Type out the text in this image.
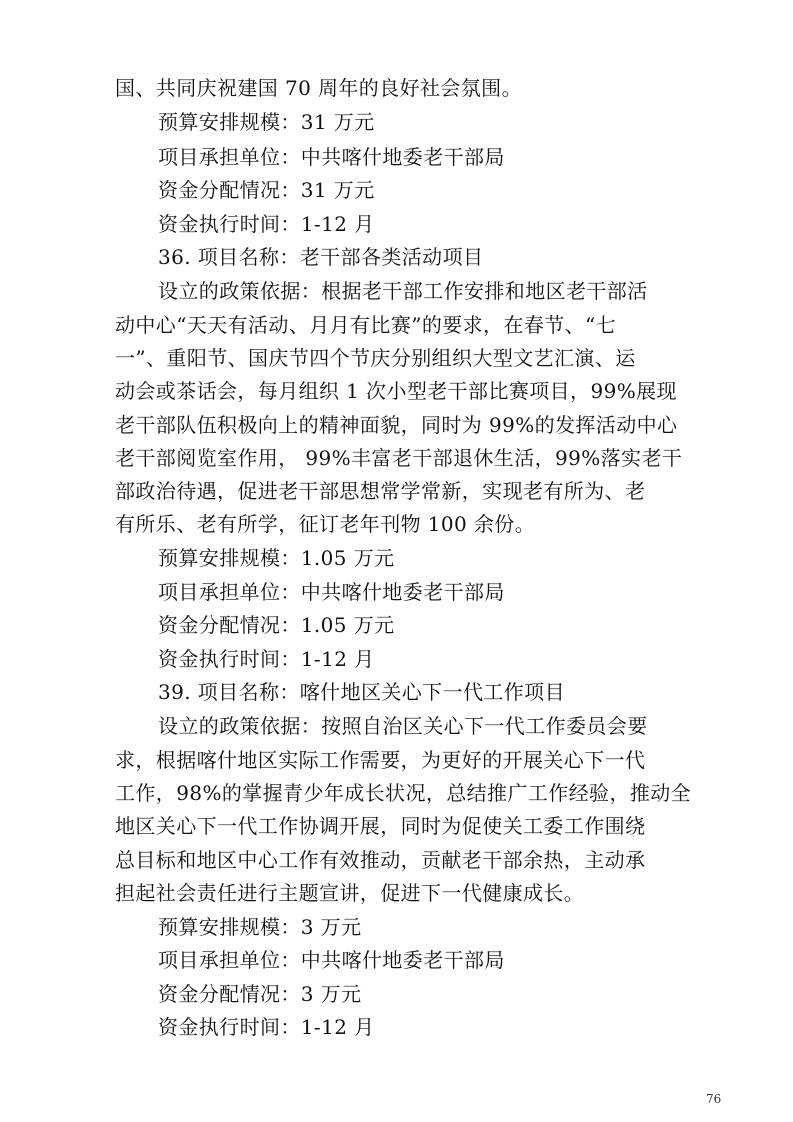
国、共同庆祝建国 70 周年的良好社会氛围。
预算安排规模：31 万元
项目承担单位：中共喀什地委老干部局
资金分配情况：31 万元
资金执行时间：1-12 月
36. 项目名称：老干部各类活动项目
设立的政策依据：根据老干部工作安排和地区老干部活
动中心“天天有活动、月月有比赛”的要求，在春节、“七
一”、重阳节、国庆节四个节庆分别组织大型文艺汇演、运
动会或茶话会，每月组织 1 次小型老干部比赛项目，99%展现
老干部队伍积极向上的精神面貌，同时为 99%的发挥活动中心
老干部阅览室作用， 99%丰富老干部退休生活，99%落实老干
部政治待遇，促进老干部思想常学常新，实现老有所为、老
有所乐、老有所学，征订老年刊物 100 余份。
预算安排规模：1.05 万元
项目承担单位：中共喀什地委老干部局
资金分配情况：1.05 万元
资金执行时间：1-12 月
39. 项目名称：喀什地区关心下一代工作项目
设立的政策依据：按照自治区关心下一代工作委员会要
求，根据喀什地区实际工作需要，为更好的开展关心下一代
工作，98%的掌握青少年成长状况，总结推广工作经验，推动全
地区关心下一代工作协调开展，同时为促使关工委工作围绕
总目标和地区中心工作有效推动，贡献老干部余热，主动承
担起社会责任进行主题宣讲，促进下一代健康成长。
预算安排规模：3 万元
项目承担单位：中共喀什地委老干部局
资金分配情况：3 万元
资金执行时间：1-12 月
76
